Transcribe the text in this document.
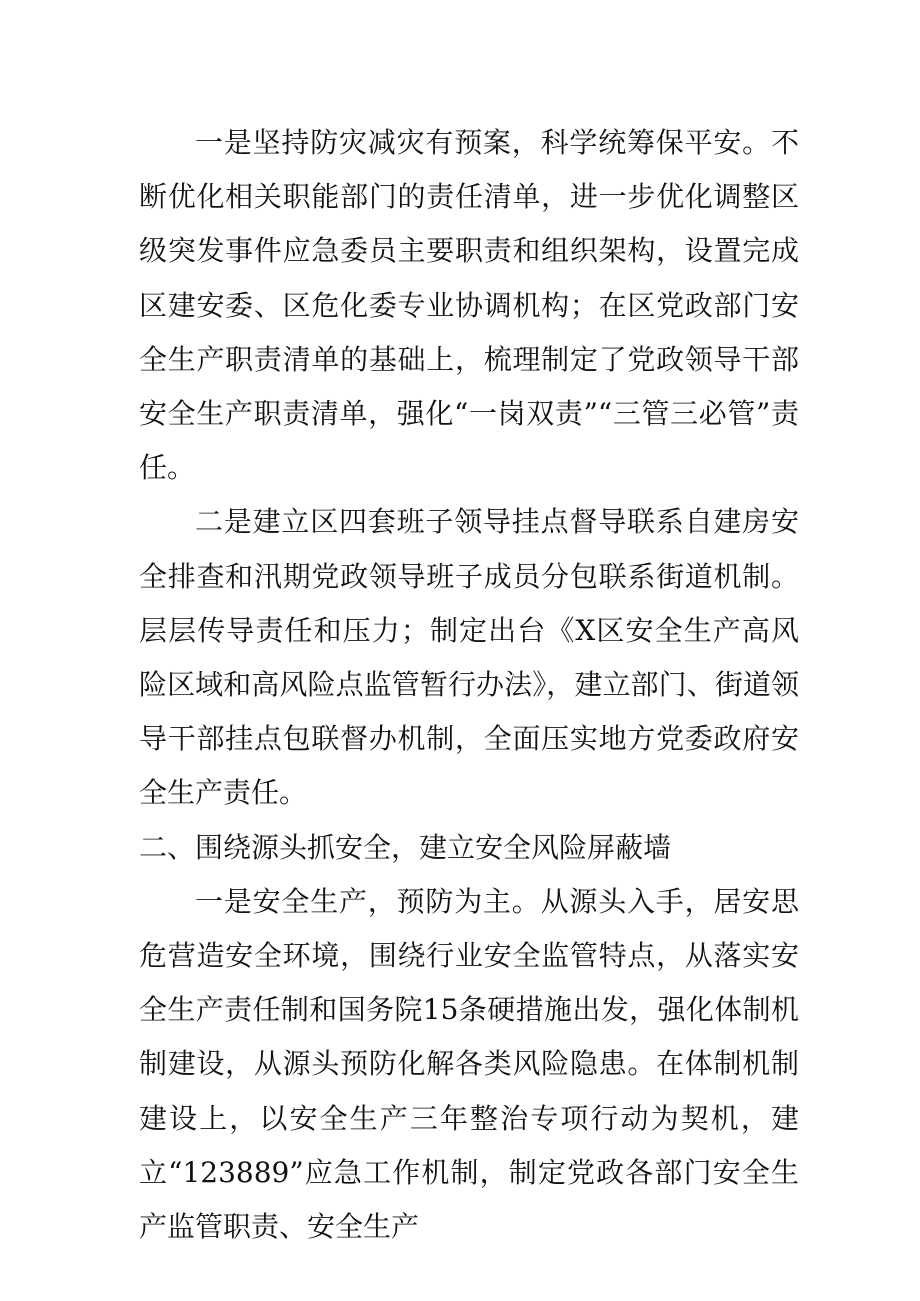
一是坚持防灾减灾有预案，科学统筹保平安。不断优化相关职能部门的责任清单，进一步优化调整区级突发事件应急委员主要职责和组织架构，设置完成区建安委、区危化委专业协调机构；在区党政部门安全生产职责清单的基础上，梳理制定了党政领导干部安全生产职责清单，强化“一岗双责”“三管三必管”责任。

二是建立区四套班子领导挂点督导联系自建房安全排查和汛期党政领导班子成员分包联系街道机制。层层传导责任和压力；制定出台《X区安全生产高风险区域和高风险点监管暂行办法》，建立部门、街道领导干部挂点包联督办机制，全面压实地方党委政府安全生产责任。

二、围绕源头抓安全，建立安全风险屏蔽墙

一是安全生产，预防为主。从源头入手，居安思危营造安全环境，围绕行业安全监管特点，从落实安全生产责任制和国务院15条硬措施出发，强化体制机制建设，从源头预防化解各类风险隐患。在体制机制建设上，以安全生产三年整治专项行动为契机，建立“123889”应急工作机制，制定党政各部门安全生产监管职责、安全生产
